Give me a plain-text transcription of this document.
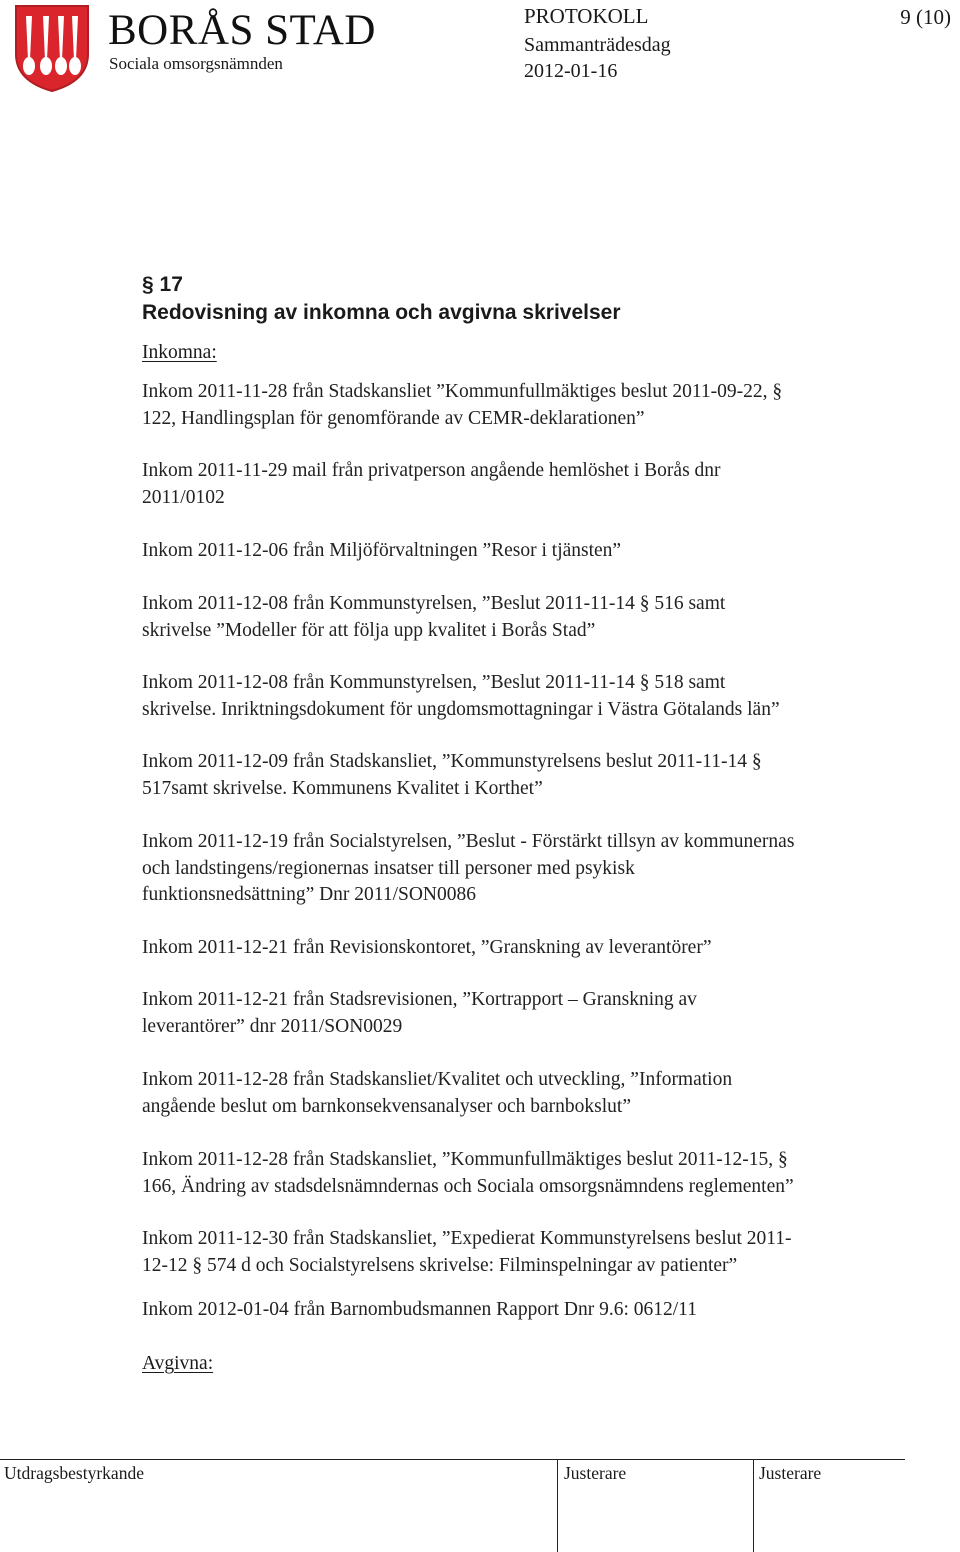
BORÅS STAD
Sociala omsorgsnämnden
PROTOKOLL
Sammanträdesdag
2012-01-16
9 (10)
§ 17
Redovisning av inkomna och avgivna skrivelser
Inkomna:
Inkom 2011-11-28 från Stadskansliet ”Kommunfullmäktiges beslut 2011-09-22, §
122, Handlingsplan för genomförande av CEMR-deklarationen”
Inkom 2011-11-29 mail från privatperson angående hemlöshet i Borås dnr
2011/0102
Inkom 2011-12-06 från Miljöförvaltningen ”Resor i tjänsten”
Inkom 2011-12-08 från Kommunstyrelsen, ”Beslut 2011-11-14 § 516 samt
skrivelse ”Modeller för att följa upp kvalitet i Borås Stad”
Inkom 2011-12-08 från Kommunstyrelsen, ”Beslut 2011-11-14 § 518 samt
skrivelse. Inriktningsdokument för ungdomsmottagningar i Västra Götalands län”
Inkom 2011-12-09 från Stadskansliet, ”Kommunstyrelsens beslut 2011-11-14 §
517samt skrivelse. Kommunens Kvalitet i Korthet”
Inkom 2011-12-19 från Socialstyrelsen, ”Beslut - Förstärkt tillsyn av kommunernas
och landstingens/regionernas insatser till personer med psykisk
funktionsnedsättning” Dnr 2011/SON0086
Inkom 2011-12-21 från Revisionskontoret, ”Granskning av leverantörer”
Inkom 2011-12-21 från Stadsrevisionen, ”Kortrapport – Granskning av
leverantörer” dnr 2011/SON0029
Inkom 2011-12-28 från Stadskansliet/Kvalitet och utveckling, ”Information
angående beslut om barnkonsekvensanalyser och barnbokslut”
Inkom 2011-12-28 från Stadskansliet, ”Kommunfullmäktiges beslut 2011-12-15, §
166, Ändring av stadsdelsnämndernas och Sociala omsorgsnämndens reglementen”
Inkom 2011-12-30 från Stadskansliet, ”Expedierat Kommunstyrelsens beslut 2011-
12-12 § 574 d och Socialstyrelsens skrivelse: Filminspelningar av patienter”
Inkom 2012-01-04 från Barnombudsmannen Rapport Dnr 9.6: 0612/11
Avgivna:
Utdragsbestyrkande	Justerare	Justerare
